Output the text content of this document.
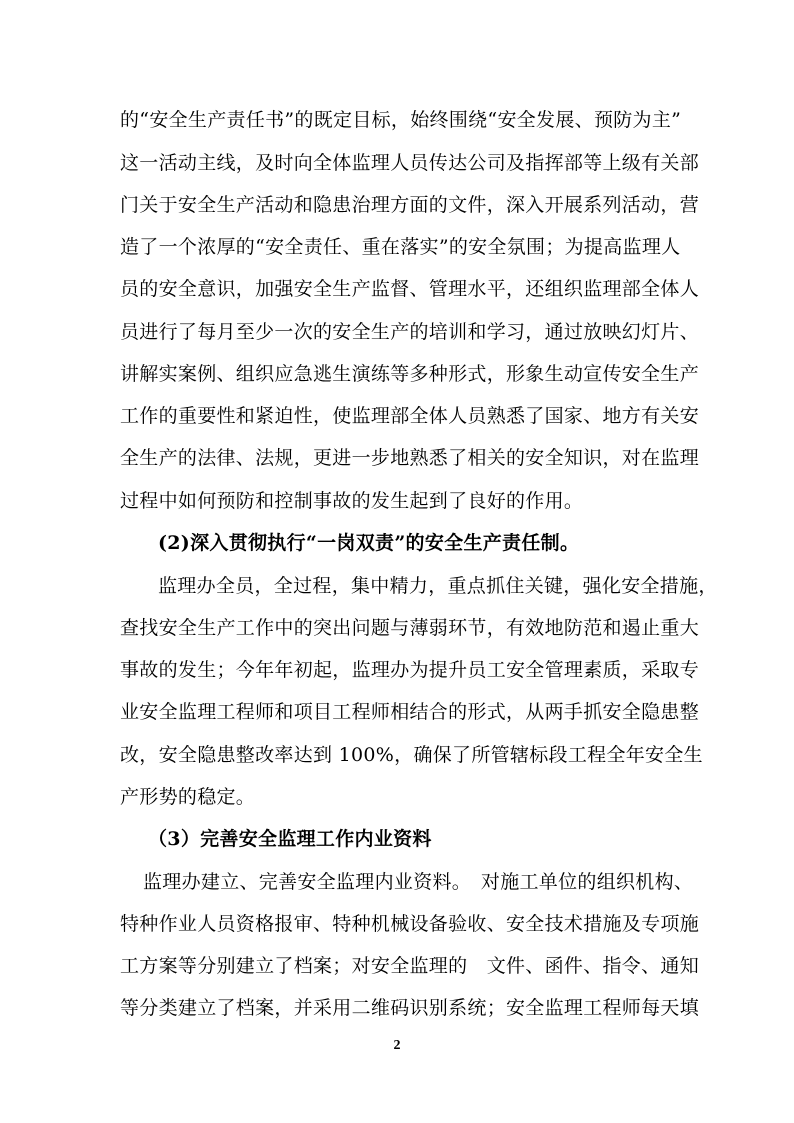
的“安全生产责任书”的既定目标，始终围绕“安全发展、预防为主”
这一活动主线，及时向全体监理人员传达公司及指挥部等上级有关部
门关于安全生产活动和隐患治理方面的文件，深入开展系列活动，营
造了一个浓厚的“安全责任、重在落实”的安全氛围；为提高监理人
员的安全意识，加强安全生产监督、管理水平，还组织监理部全体人
员进行了每月至少一次的安全生产的培训和学习，通过放映幻灯片、
讲解实案例、组织应急逃生演练等多种形式，形象生动宣传安全生产
工作的重要性和紧迫性，使监理部全体人员熟悉了国家、地方有关安
全生产的法律、法规，更进一步地熟悉了相关的安全知识，对在监理
过程中如何预防和控制事故的发生起到了良好的作用。
(2)深入贯彻执行“一岗双责”的安全生产责任制。
监理办全员，全过程，集中精力，重点抓住关键，强化安全措施，
查找安全生产工作中的突出问题与薄弱环节，有效地防范和遏止重大
事故的发生；今年年初起，监理办为提升员工安全管理素质，采取专
业安全监理工程师和项目工程师相结合的形式，从两手抓安全隐患整
改，安全隐患整改率达到 100%，确保了所管辖标段工程全年安全生
产形势的稳定。
（3）完善安全监理工作内业资料
监理办建立、完善安全监理内业资料。　对施工单位的组织机构、
特种作业人员资格报审、特种机械设备验收、安全技术措施及专项施
工方案等分别建立了档案；对安全监理的　文件、函件、指令、通知
等分类建立了档案，并采用二维码识别系统；安全监理工程师每天填
2
